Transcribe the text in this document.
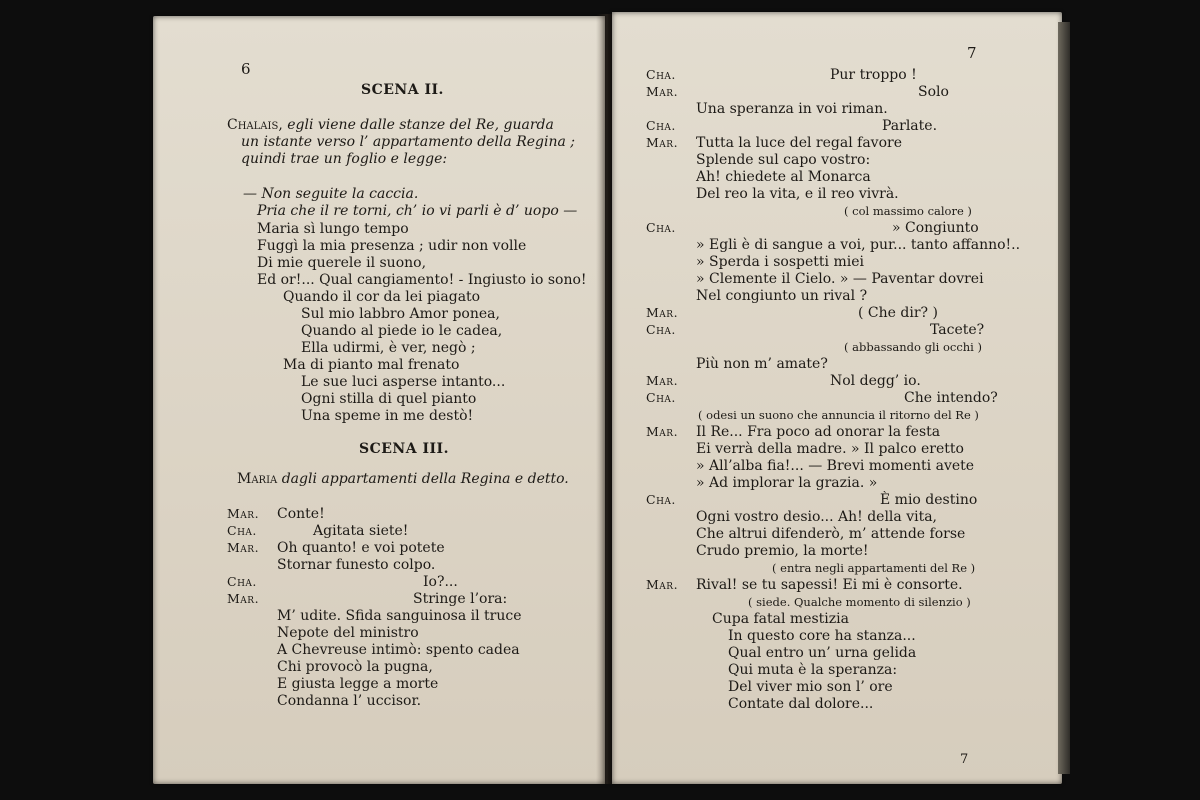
6
SCENA II.
Chalais, egli viene dalle stanze del Re, guarda
un istante verso l’ appartamento della Regina ;
quindi trae un foglio e legge:
— Non seguite la caccia.
Pria che il re torni, ch’ io vi parli è d’ uopo —
Maria sì lungo tempo
Fuggì la mia presenza ; udir non volle
Di mie querele il suono,
Ed or!... Qual cangiamento! - Ingiusto io sono!
Quando il cor da lei piagato
Sul mio labbro Amor ponea,
Quando al piede io le cadea,
Ella udirmi, è ver, negò ;
Ma di pianto mal frenato
Le sue luci asperse intanto...
Ogni stilla di quel pianto
Una speme in me destò!
SCENA III.
Maria dagli appartamenti della Regina e detto.
Mar. Conte!
Cha.	Agitata siete!
Mar. Oh quanto! e voi potete
Stornar funesto colpo.
Cha.	Io?...
Mar.	Stringe l’ora:
M’ udite. Sfida sanguinosa il truce
Nepote del ministro
A Chevreuse intimò: spento cadea
Chi provocò la pugna,
E giusta legge a morte
Condanna l’ uccisor.
7
Cha.	Pur troppo !
Mar.	Solo
Una speranza in voi riman.
Cha.	Parlate.
Mar. Tutta la luce del regal favore
Splende sul capo vostro:
Ah! chiedete al Monarca
Del reo la vita, e il reo vivrà.
( col massimo calore )
Cha.	» Congiunto
» Egli è di sangue a voi, pur... tanto affanno!..
» Sperda i sospetti miei
» Clemente il Cielo. » — Paventar dovrei
Nel congiunto un rival ?
Mar.	( Che dir? )
Cha.	Tacete?
( abbassando gli occhi )
Più non m’ amate?
Mar.	Nol degg’ io.
Cha.	Che intendo?
( odesi un suono che annuncia il ritorno del Re )
Mar. Il Re... Fra poco ad onorar la festa
Ei verrà della madre. » Il palco eretto
» All’alba fia!... — Brevi momenti avete
» Ad implorar la grazia. »
Cha.	È mio destino
Ogni vostro desio... Ah! della vita,
Che altrui difenderò, m’ attende forse
Crudo premio, la morte!
( entra negli appartamenti del Re )
Mar. Rival! se tu sapessi! Ei mi è consorte.
( siede. Qualche momento di silenzio )
Cupa fatal mestizia
In questo core ha stanza...
Qual entro un’ urna gelida
Qui muta è la speranza:
Del viver mio son l’ ore
Contate dal dolore...
7
